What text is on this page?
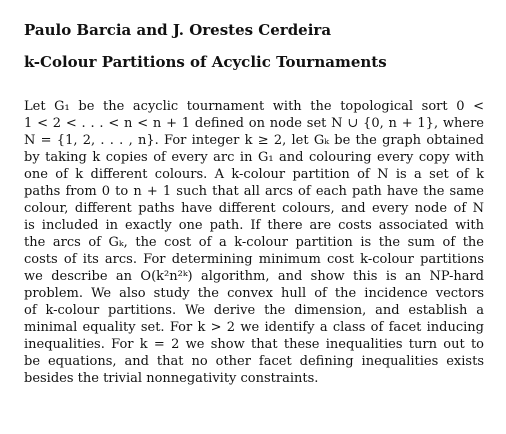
Paulo Barcia and J. Orestes Cerdeira
k-Colour Partitions of Acyclic Tournaments
Let G₁ be the acyclic tournament with the topological sort 0 <
1 < 2 < . . . < n < n + 1 defined on node set N ∪ {0, n + 1}, where
N = {1, 2, . . . , n}. For integer k ≥ 2, let Gₖ be the graph obtained
by taking k copies of every arc in G₁ and colouring every copy with
one of k different colours. A k-colour partition of N is a set of k
paths from 0 to n + 1 such that all arcs of each path have the same
colour, different paths have different colours, and every node of N
is included in exactly one path. If there are costs associated with
the arcs of Gₖ, the cost of a k-colour partition is the sum of the
costs of its arcs. For determining minimum cost k-colour partitions
we describe an O(k²n²ᵏ) algorithm, and show this is an NP-hard
problem. We also study the convex hull of the incidence vectors
of k-colour partitions. We derive the dimension, and establish a
minimal equality set. For k > 2 we identify a class of facet inducing
inequalities. For k = 2 we show that these inequalities turn out to
be equations, and that no other facet defining inequalities exists
besides the trivial nonnegativity constraints.
